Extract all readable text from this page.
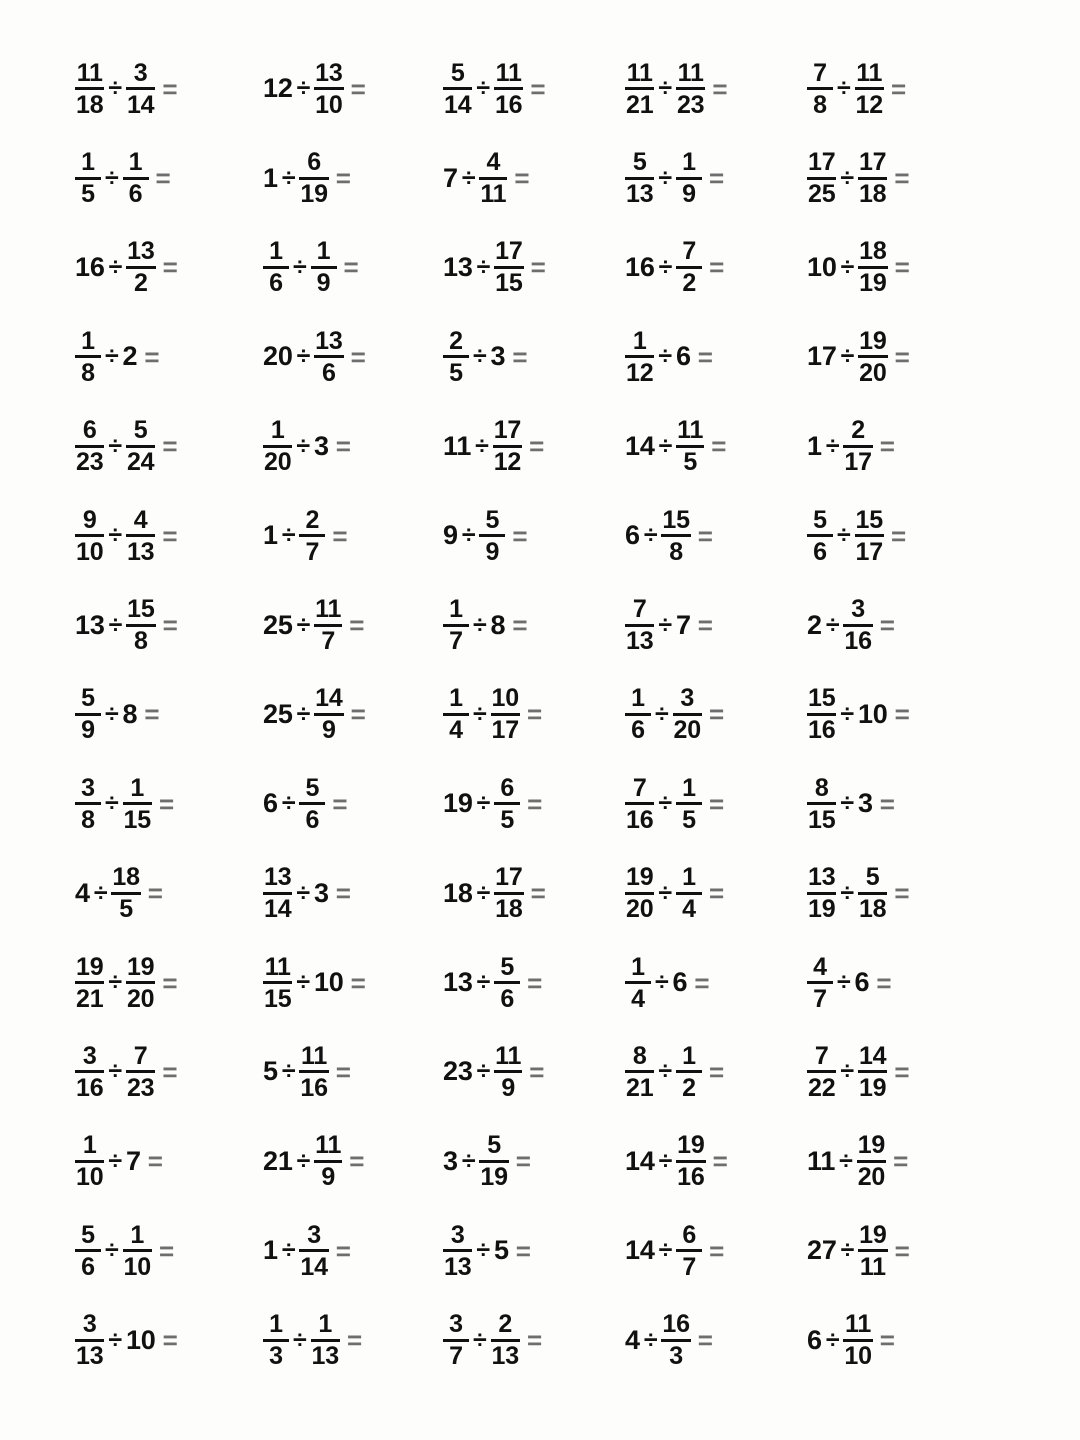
$\frac{11}{18} \div \frac{3}{14}$ =	$12 \div \frac{13}{10}$ =	$\frac{5}{14} \div \frac{11}{16}$ =	$\frac{11}{21} \div \frac{11}{23}$ =	$\frac{7}{8} \div \frac{11}{12}$ =
$\frac{1}{5} \div \frac{1}{6}$ =	$1 \div \frac{6}{19}$ =	$7 \div \frac{4}{11}$ =	$\frac{5}{13} \div \frac{1}{9}$ =	$\frac{17}{25} \div \frac{17}{18}$ =
$16 \div \frac{13}{2}$ =	$\frac{1}{6} \div \frac{1}{9}$ =	$13 \div \frac{17}{15}$ =	$16 \div \frac{7}{2}$ =	$10 \div \frac{18}{19}$ =
$\frac{1}{8} \div 2$ =	$20 \div \frac{13}{6}$ =	$\frac{2}{5} \div 3$ =	$\frac{1}{12} \div 6$ =	$17 \div \frac{19}{20}$ =
$\frac{6}{23} \div \frac{5}{24}$ =	$\frac{1}{20} \div 3$ =	$11 \div \frac{17}{12}$ =	$14 \div \frac{11}{5}$ =	$1 \div \frac{2}{17}$ =
$\frac{9}{10} \div \frac{4}{13}$ =	$1 \div \frac{2}{7}$ =	$9 \div \frac{5}{9}$ =	$6 \div \frac{15}{8}$ =	$\frac{5}{6} \div \frac{15}{17}$ =
$13 \div \frac{15}{8}$ =	$25 \div \frac{11}{7}$ =	$\frac{1}{7} \div 8$ =	$\frac{7}{13} \div 7$ =	$2 \div \frac{3}{16}$ =
$\frac{5}{9} \div 8$ =	$25 \div \frac{14}{9}$ =	$\frac{1}{4} \div \frac{10}{17}$ =	$\frac{1}{6} \div \frac{3}{20}$ =	$\frac{15}{16} \div 10$ =
$\frac{3}{8} \div \frac{1}{15}$ =	$6 \div \frac{5}{6}$ =	$19 \div \frac{6}{5}$ =	$\frac{7}{16} \div \frac{1}{5}$ =	$\frac{8}{15} \div 3$ =
$4 \div \frac{18}{5}$ =	$\frac{13}{14} \div 3$ =	$18 \div \frac{17}{18}$ =	$\frac{19}{20} \div \frac{1}{4}$ =	$\frac{13}{19} \div \frac{5}{18}$ =
$\frac{19}{21} \div \frac{19}{20}$ =	$\frac{11}{15} \div 10$ =	$13 \div \frac{5}{6}$ =	$\frac{1}{4} \div 6$ =	$\frac{4}{7} \div 6$ =
$\frac{3}{16} \div \frac{7}{23}$ =	$5 \div \frac{11}{16}$ =	$23 \div \frac{11}{9}$ =	$\frac{8}{21} \div \frac{1}{2}$ =	$\frac{7}{22} \div \frac{14}{19}$ =
$\frac{1}{10} \div 7$ =	$21 \div \frac{11}{9}$ =	$3 \div \frac{5}{19}$ =	$14 \div \frac{19}{16}$ =	$11 \div \frac{19}{20}$ =
$\frac{5}{6} \div \frac{1}{10}$ =	$1 \div \frac{3}{14}$ =	$\frac{3}{13} \div 5$ =	$14 \div \frac{6}{7}$ =	$27 \div \frac{19}{11}$ =
$\frac{3}{13} \div 10$ =	$\frac{1}{3} \div \frac{1}{13}$ =	$\frac{3}{7} \div \frac{2}{13}$ =	$4 \div \frac{16}{3}$ =	$6 \div \frac{11}{10}$ =
